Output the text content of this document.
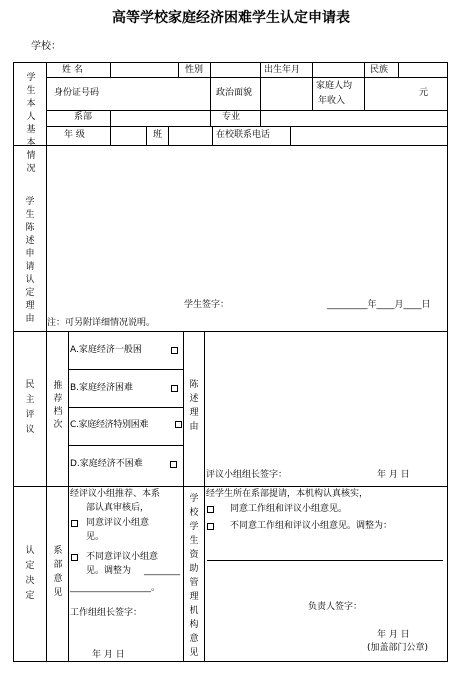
高等学校家庭经济困难学生认定申请表
学校：
学生本人基本情况
姓 名	性别	出生年月	民族
身份证号码	政治面貌
家庭人均
年收入
元
系部	专业
年 级	班	在校联系电话
学生陈述申请认定理由
学生签字：	_________年____月____日
注：可另附详细情况说明。
民主评议
推荐档次
A.家庭经济一般困
B.家庭经济困难
C.家庭经济特别困难
D.家庭经济不困难
陈述理由
评议小组组长签字：	年 月 日
认定决定
系部意见
经评议小组推荐、本系
部认真审核后，
同意评议小组意
见。
不同意评议小组意
见。调整为 ________
__________________。
工作组组长签字：
年 月 日
学校学生资助管理机构意见
经学生所在系部提请，本机构认真核实，
同意工作组和评议小组意见。
不同意工作组和评议小组意见。调整为：
负责人签字：
年 月 日
(加盖部门公章)
